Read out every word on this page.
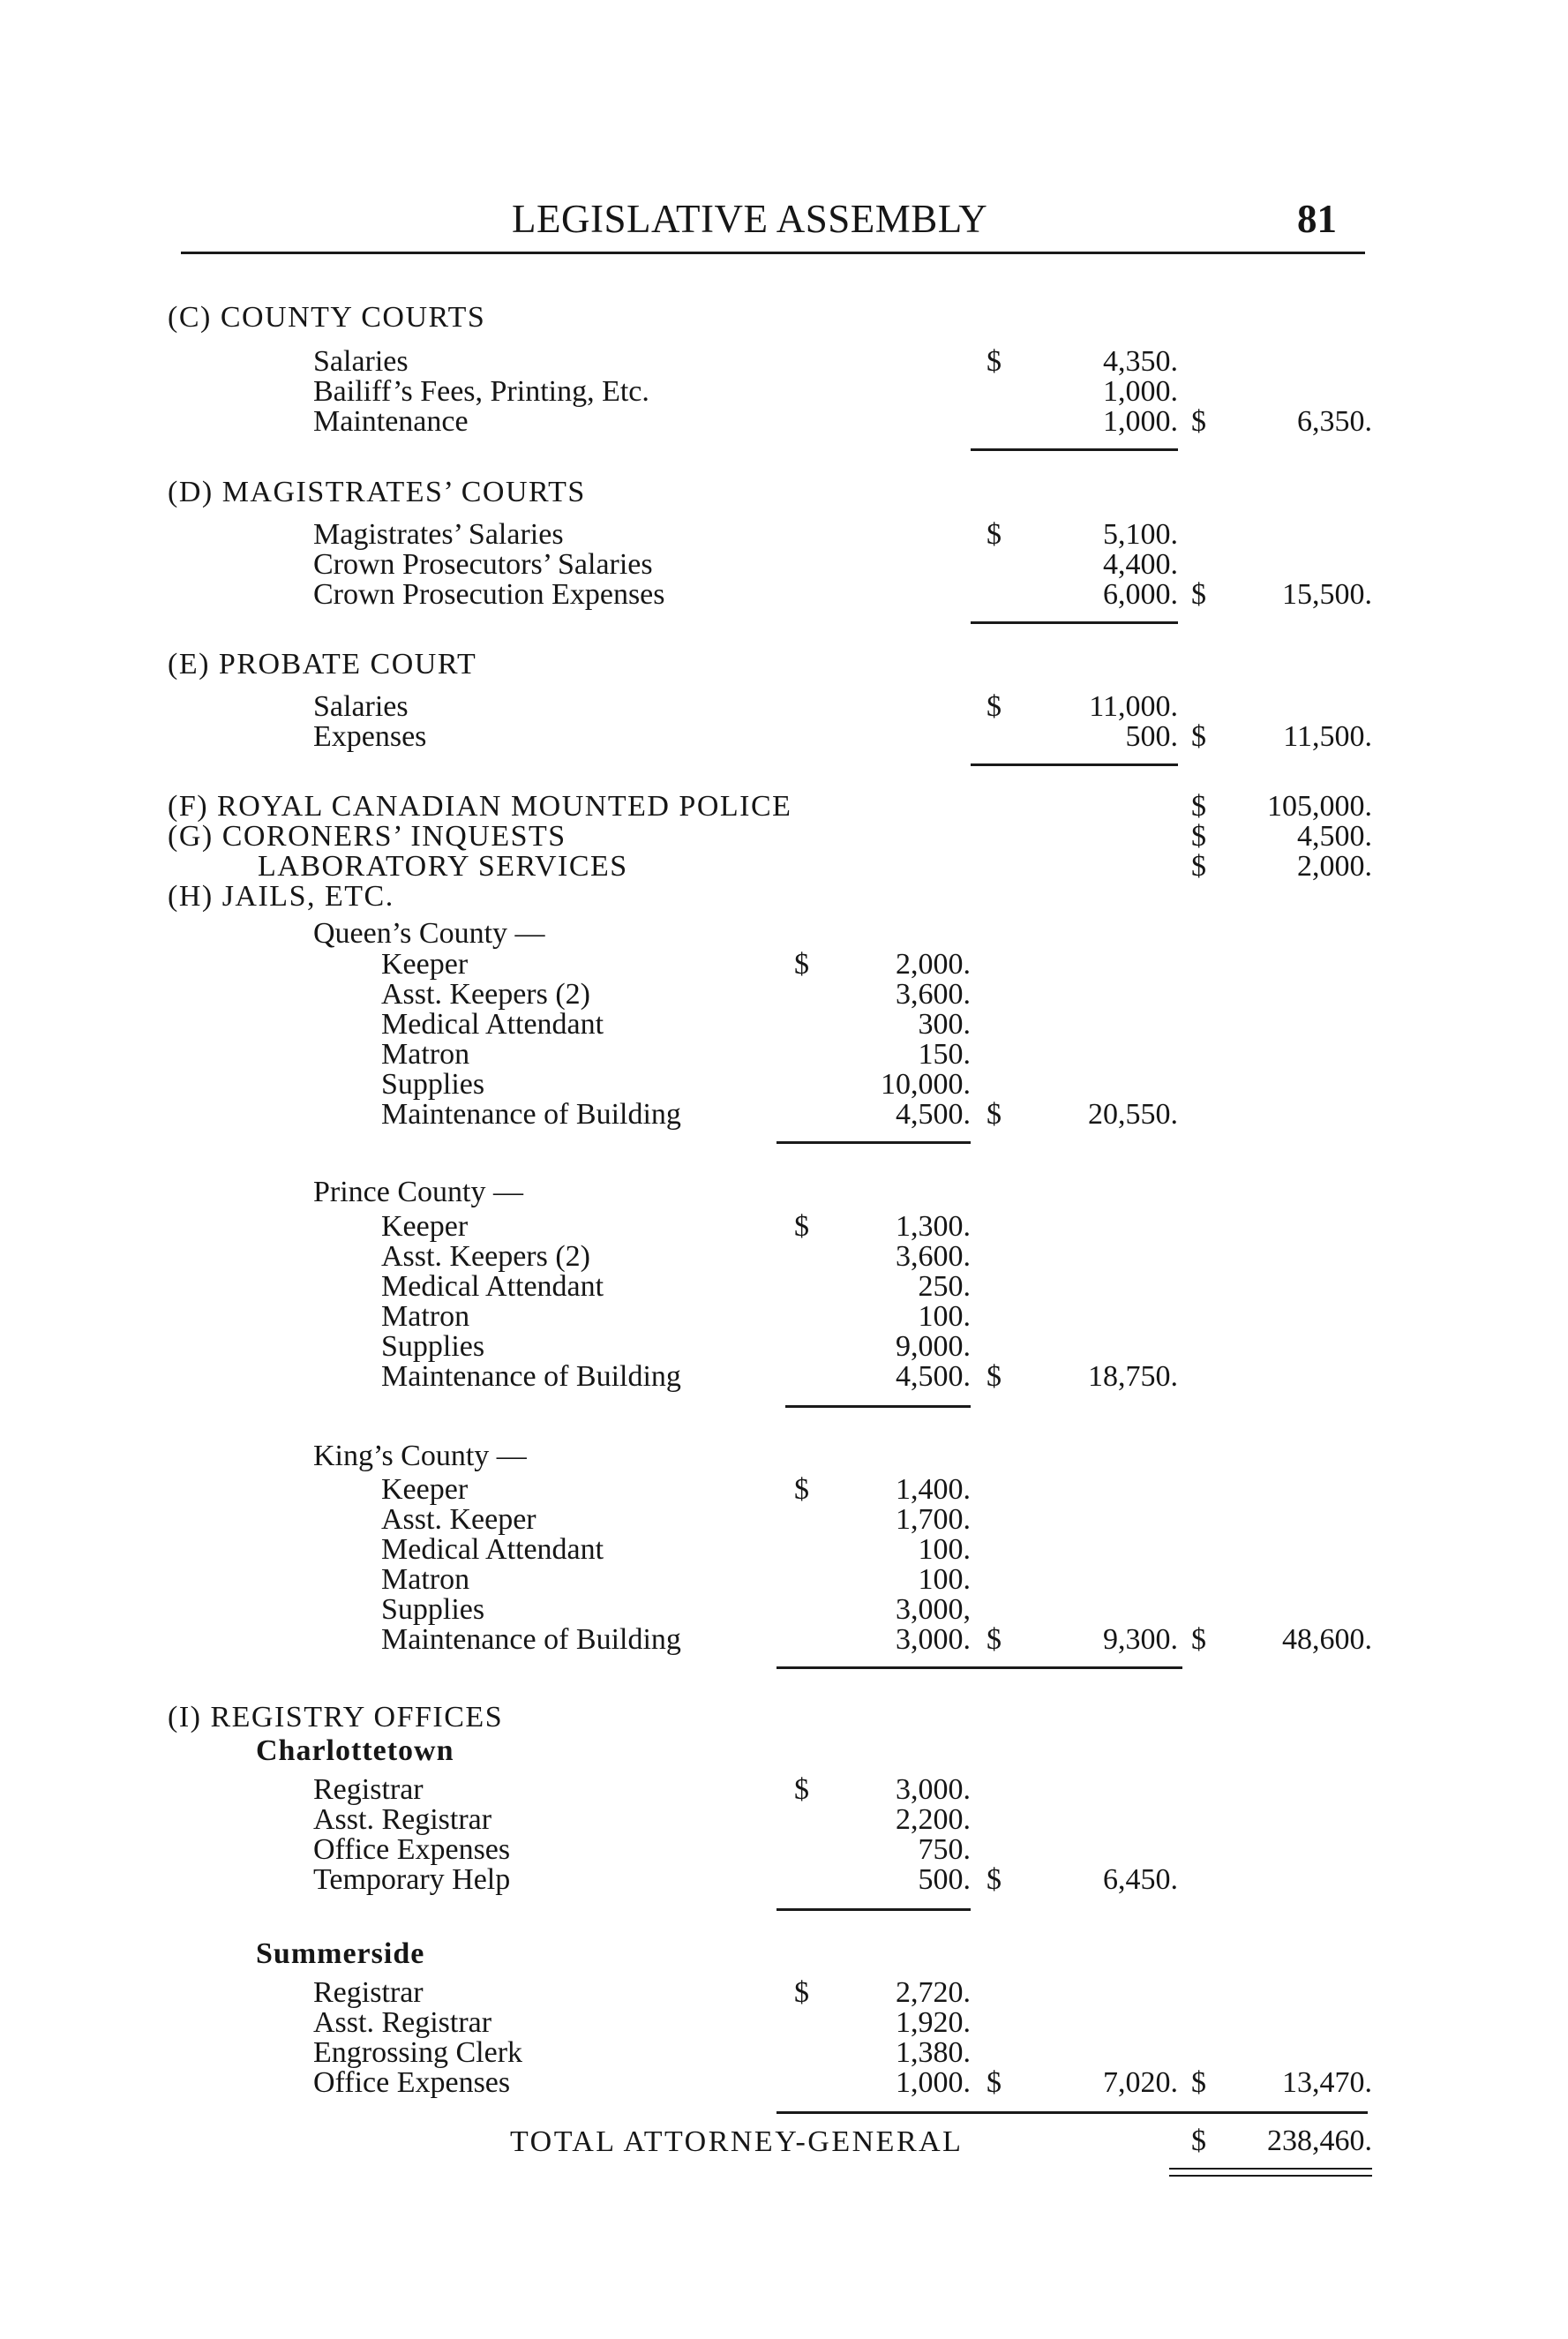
LEGISLATIVE ASSEMBLY	81
(C) COUNTY COURTS
Salaries	$	4,350.
Bailiff’s Fees, Printing, Etc.	1,000.
Maintenance	1,000. $	6,350.
(D) MAGISTRATES’ COURTS
Magistrates’ Salaries	$	5,100.
Crown Prosecutors’ Salaries	4,400.
Crown Prosecution Expenses	6,000. $	15,500.
(E) PROBATE COURT
Salaries	$	11,000.
Expenses	500. $	11,500.
(F) ROYAL CANADIAN MOUNTED POLICE	$	105,000.
(G) CORONERS’ INQUESTS	$	4,500.
LABORATORY SERVICES	$	2,000.
(H) JAILS, ETC.
Queen’s County —
Keeper	$	2,000.
Asst. Keepers (2)	3,600.
Medical Attendant	300.
Matron	150.
Supplies	10,000.
Maintenance of Building	4,500. $	20,550.
Prince County —
Keeper	$	1,300.
Asst. Keepers (2)	3,600.
Medical Attendant	250.
Matron	100.
Supplies	9,000.
Maintenance of Building	4,500. $	18,750.
King’s County —
Keeper	$	1,400.
Asst. Keeper	1,700.
Medical Attendant	100.
Matron	100.
Supplies	3,000,
Maintenance of Building	3,000. $	9,300. $	48,600.
(I) REGISTRY OFFICES
Charlottetown
Registrar	$	3,000.
Asst. Registrar	2,200.
Office Expenses	750.
Temporary Help	500. $	6,450.
Summerside
Registrar	$	2,720.
Asst. Registrar	1,920.
Engrossing Clerk	1,380.
Office Expenses	1,000. $	7,020. $	13,470.
TOTAL ATTORNEY-GENERAL	$	238,460.
